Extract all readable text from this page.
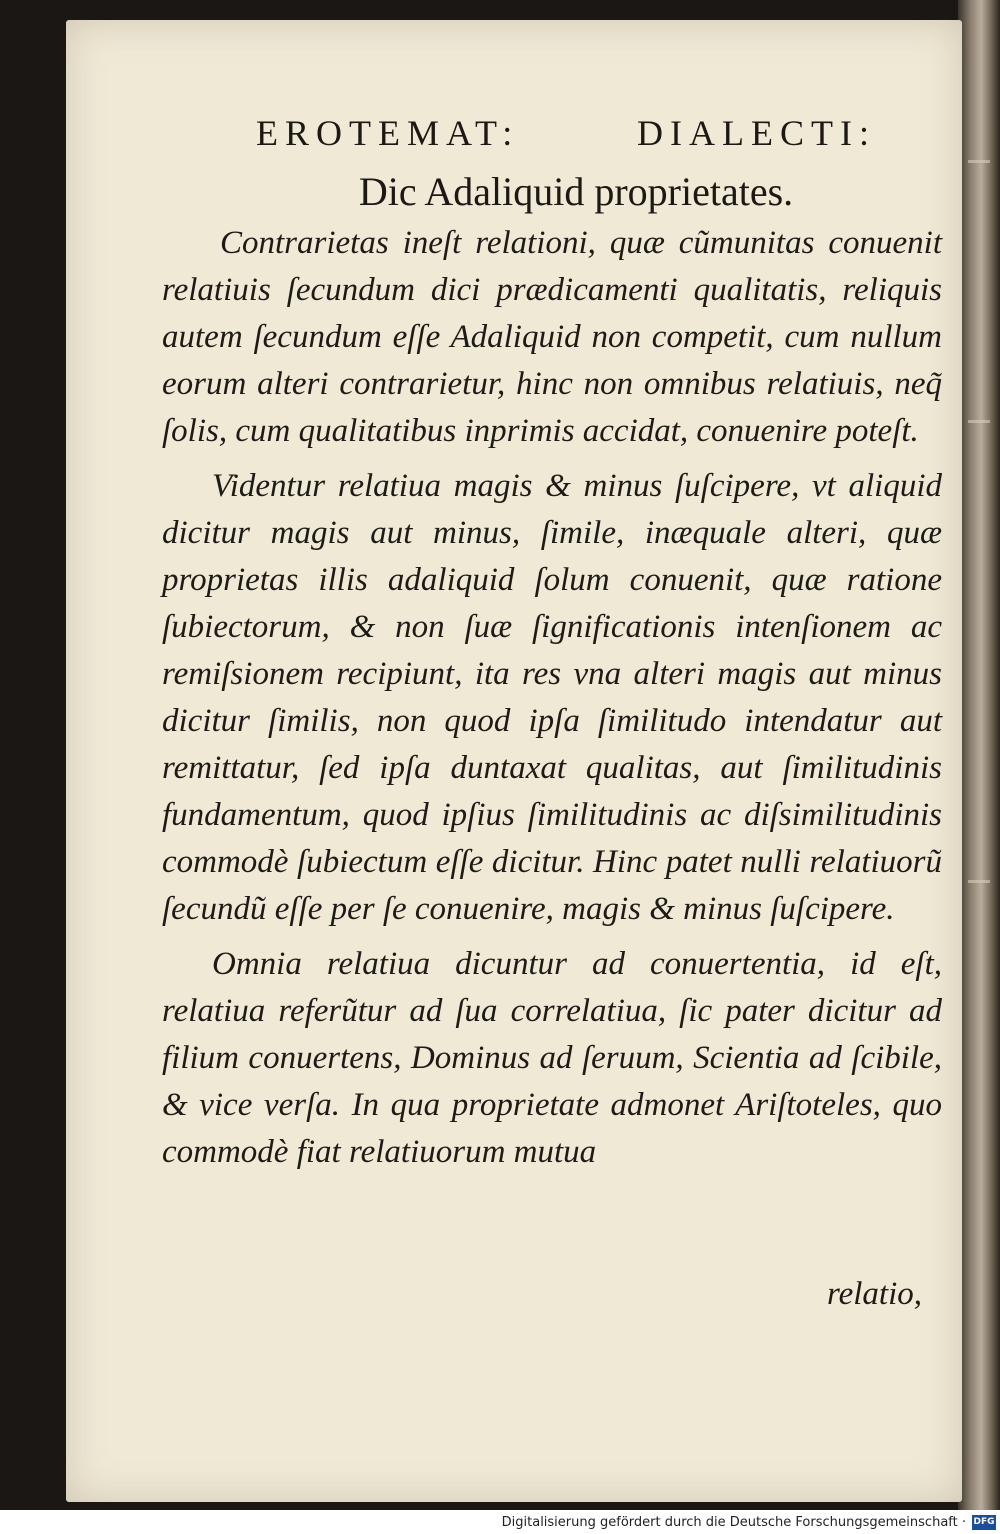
EROTEMAT:	DIALECTI:
Dic Adaliquid proprietates.

Contrarietas ineſt relationi, quæ cũmunitas conuenit relatiuis ſecundum dici prædicamenti qualitatis, reliquis autem ſecundum eſſe Adaliquid non competit, cum nullum eorum alteri contrarietur, hinc non omnibus relatiuis, neq̃ ſolis, cum qualitatibus inprimis accidat, conuenire poteſt.

Videntur relatiua magis & minus ſuſcipere, vt aliquid dicitur magis aut minus, ſimile, inæquale alteri, quæ proprietas illis adaliquid ſolum conuenit, quæ ratione ſubiectorum, & non ſuæ ſignificationis intenſionem ac remiſsionem recipiunt, ita res vna alteri magis aut minus dicitur ſimilis, non quod ipſa ſimilitudo intendatur aut remittatur, ſed ipſa duntaxat qualitas, aut ſimilitudinis fundamentum, quod ipſius ſimilitudinis ac diſsimilitudinis commodè ſubiectum eſſe dicitur. Hinc patet nulli relatiuorũ ſecundũ eſſe per ſe conuenire, magis & minus ſuſcipere.

Omnia relatiua dicuntur ad conuertentia, id eſt, relatiua referũtur ad ſua correlatiua, ſic pater dicitur ad filium conuertens, Dominus ad ſeruum, Scientia ad ſcibile, & vice verſa. In qua proprietate admonet Ariſtoteles, quo commodè fiat relatiuorum mutua

relatio,
Digitalisierung gefördert durch die Deutsche Forschungsgemeinschaft · DFG
